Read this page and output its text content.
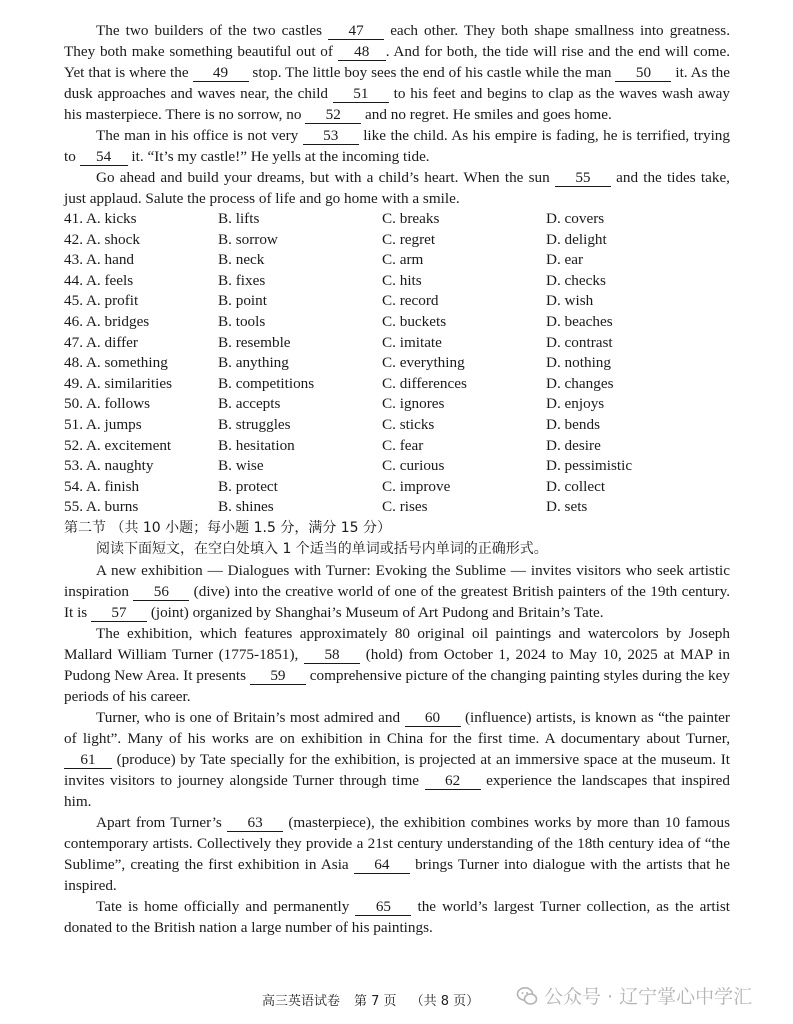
The two builders of the two castles 47 each other. They both shape smallness into greatness. They both make something beautiful out of 48 . And for both, the tide will rise and the end will come. Yet that is where the 49 stop. The little boy sees the end of his castle while the man 50 it. As the dusk approaches and waves near, the child 51 to his feet and begins to clap as the waves wash away his masterpiece. There is no sorrow, no 52 and no regret. He smiles and goes home.

The man in his office is not very 53 like the child. As his empire is fading, he is terrified, trying to 54 it. “It’s my castle!” He yells at the incoming tide.

Go ahead and build your dreams, but with a child’s heart. When the sun 55 and the tides take, just applaud. Salute the process of life and go home with a smile.

41. A. kicks	B. lifts	C. breaks	D. covers
42. A. shock	B. sorrow	C. regret	D. delight
43. A. hand	B. neck	C. arm	D. ear
44. A. feels	B. fixes	C. hits	D. checks
45. A. profit	B. point	C. record	D. wish
46. A. bridges	B. tools	C. buckets	D. beaches
47. A. differ	B. resemble	C. imitate	D. contrast
48. A. something	B. anything	C. everything	D. nothing
49. A. similarities	B. competitions	C. differences	D. changes
50. A. follows	B. accepts	C. ignores	D. enjoys
51. A. jumps	B. struggles	C. sticks	D. bends
52. A. excitement	B. hesitation	C. fear	D. desire
53. A. naughty	B. wise	C. curious	D. pessimistic
54. A. finish	B. protect	C. improve	D. collect
55. A. burns	B. shines	C. rises	D. sets

第二节 （共 10 小题；每小题 1.5 分，满分 15 分）

阅读下面短文，在空白处填入 1 个适当的单词或括号内单词的正确形式。

A new exhibition — Dialogues with Turner: Evoking the Sublime — invites visitors who seek artistic inspiration 56 (dive) into the creative world of one of the greatest British painters of the 19th century. It is 57 (joint) organized by Shanghai’s Museum of Art Pudong and Britain’s Tate.

The exhibition, which features approximately 80 original oil paintings and watercolors by Joseph Mallard William Turner (1775-1851), 58 (hold) from October 1, 2024 to May 10, 2025 at MAP in Pudong New Area. It presents 59 comprehensive picture of the changing painting styles during the key periods of his career.

Turner, who is one of Britain’s most admired and 60 (influence) artists, is known as “the painter of light”. Many of his works are on exhibition in China for the first time. A documentary about Turner, 61 (produce) by Tate specially for the exhibition, is projected at an immersive space at the museum. It invites visitors to journey alongside Turner through time 62 experience the landscapes that inspired him.

Apart from Turner’s 63 (masterpiece), the exhibition combines works by more than 10 famous contemporary artists. Collectively they provide a 21st century understanding of the 18th century idea of “the Sublime”, creating the first exhibition in Asia 64 brings Turner into dialogue with the artists that he inspired.

Tate is home officially and permanently 65 the world’s largest Turner collection, as the artist donated to the British nation a large number of his paintings.

高三英语试卷 第 7 页 （共 8 页）	公众号 · 辽宁掌心中学汇
